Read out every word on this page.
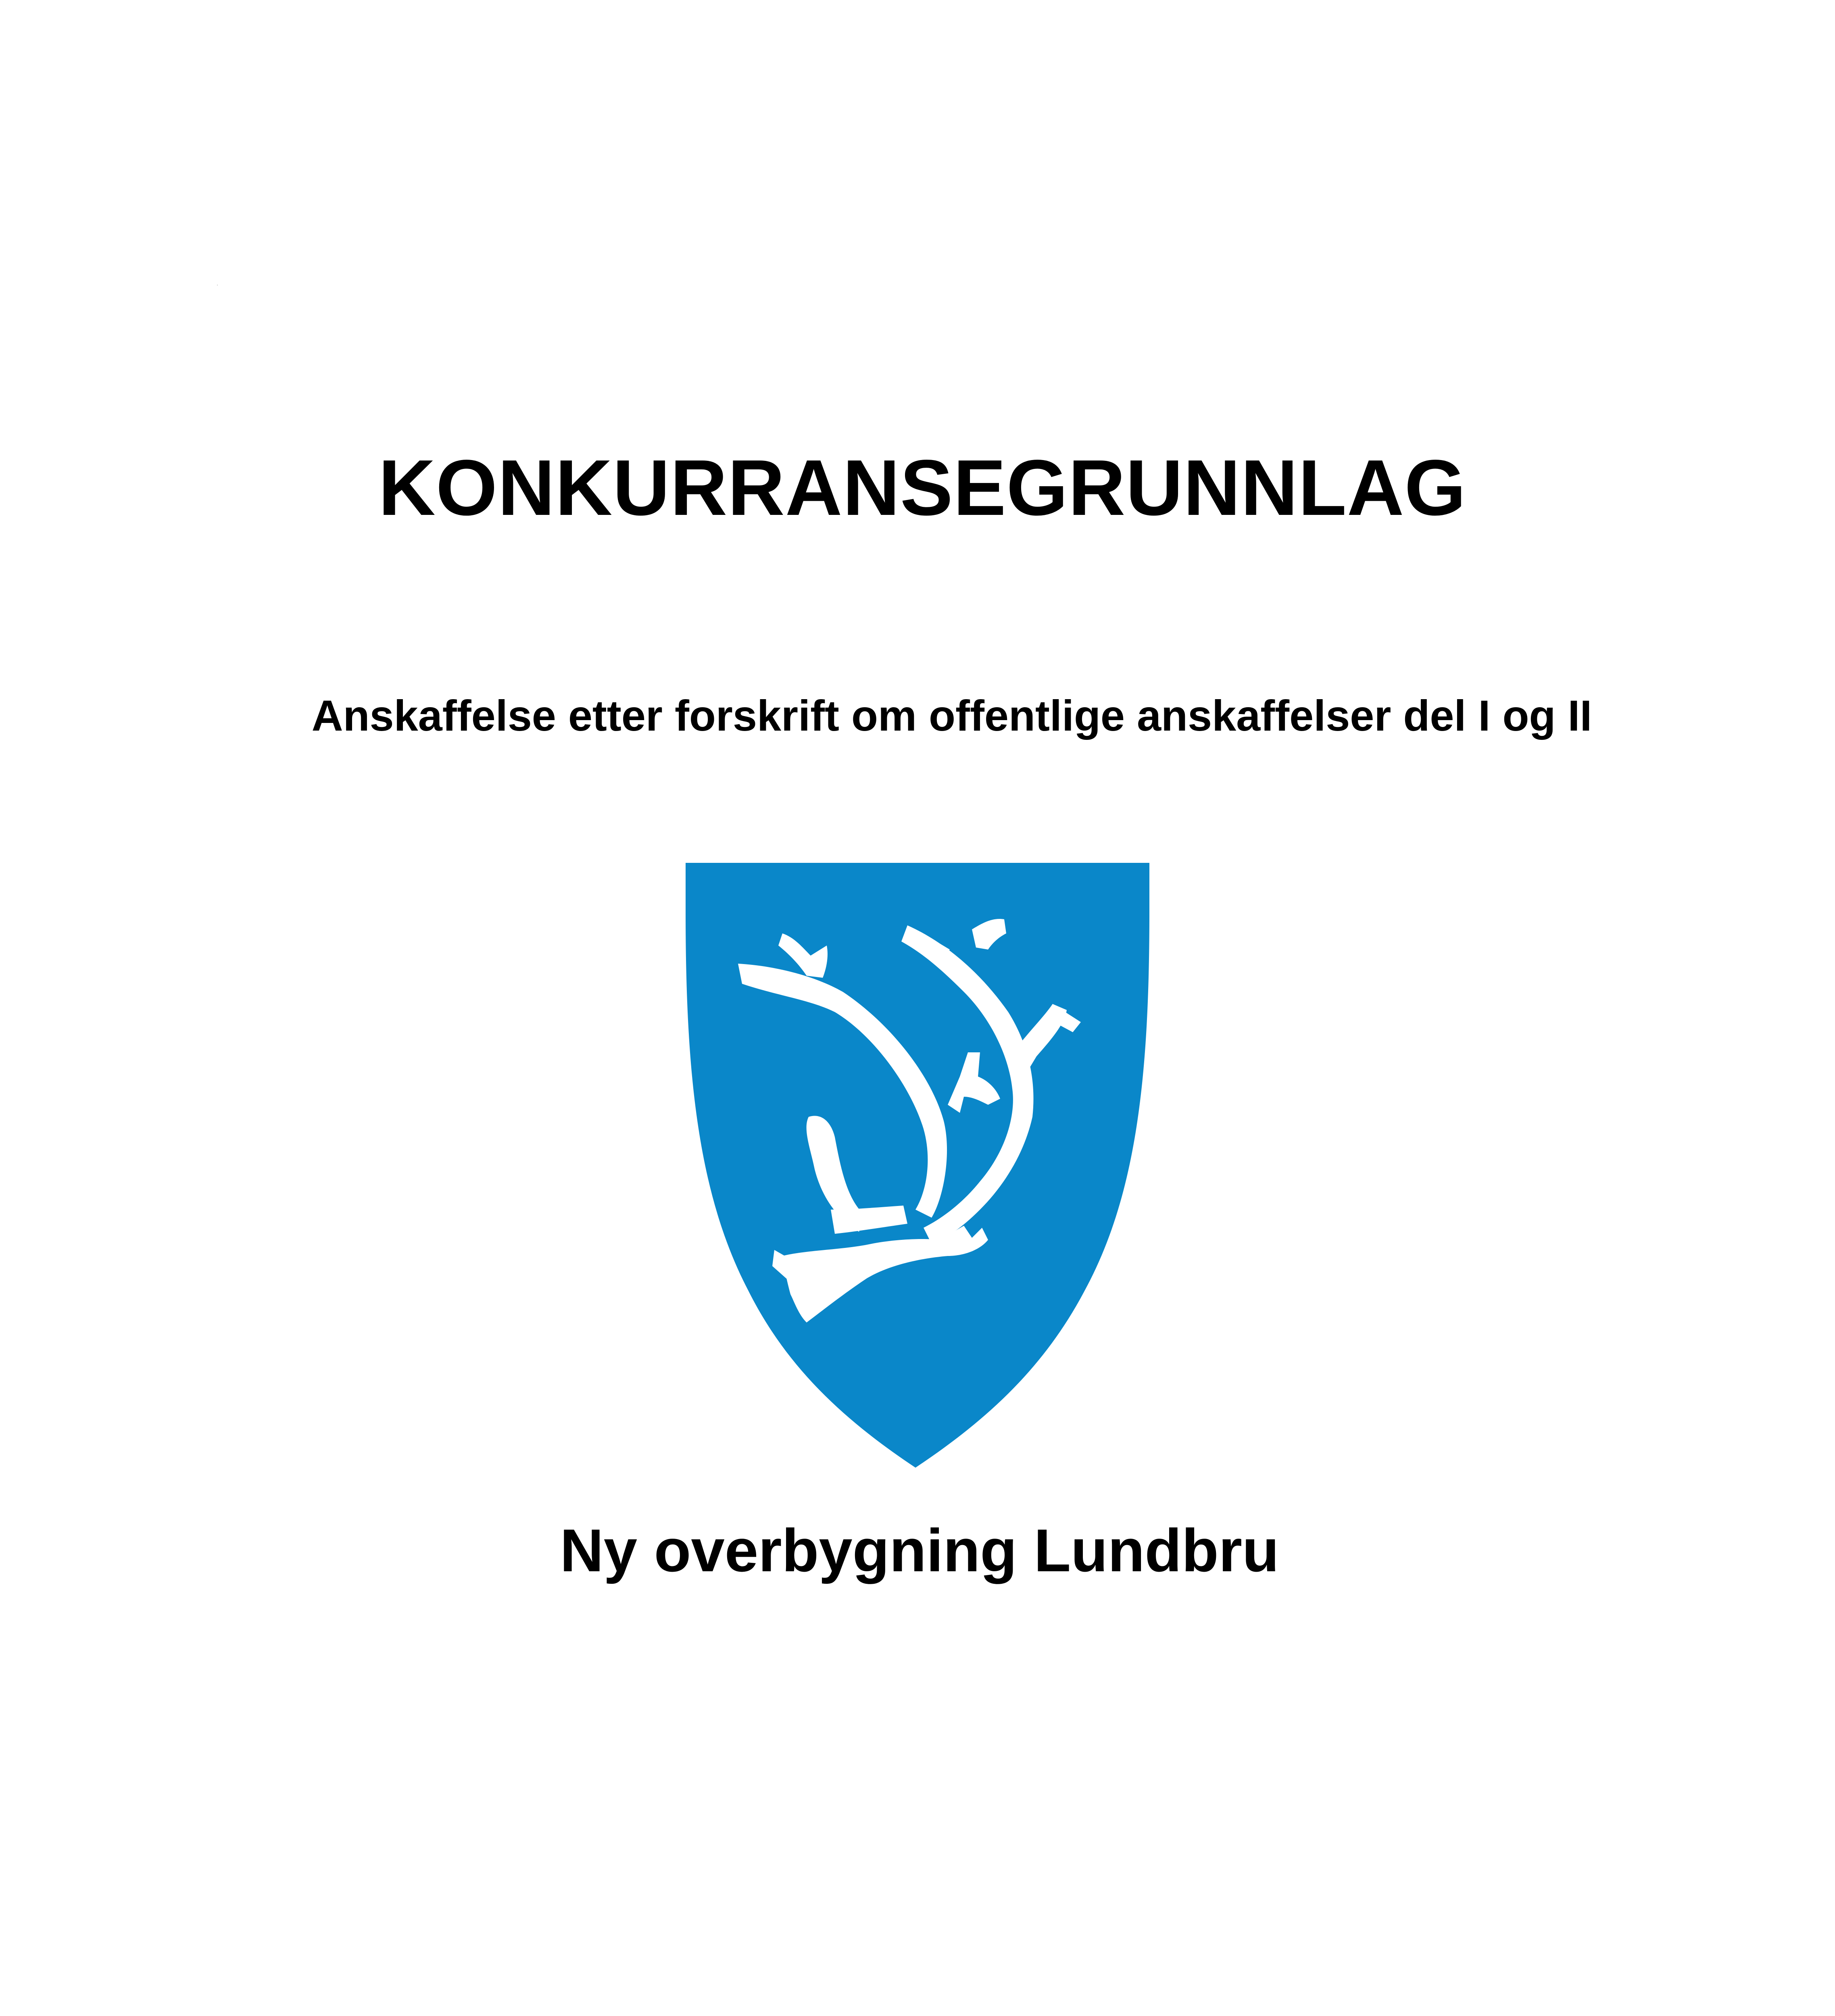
KONKURRANSEGRUNNLAG
Anskaffelse etter forskrift om offentlige anskaffelser del I og II
Ny overbygning Lundbru
